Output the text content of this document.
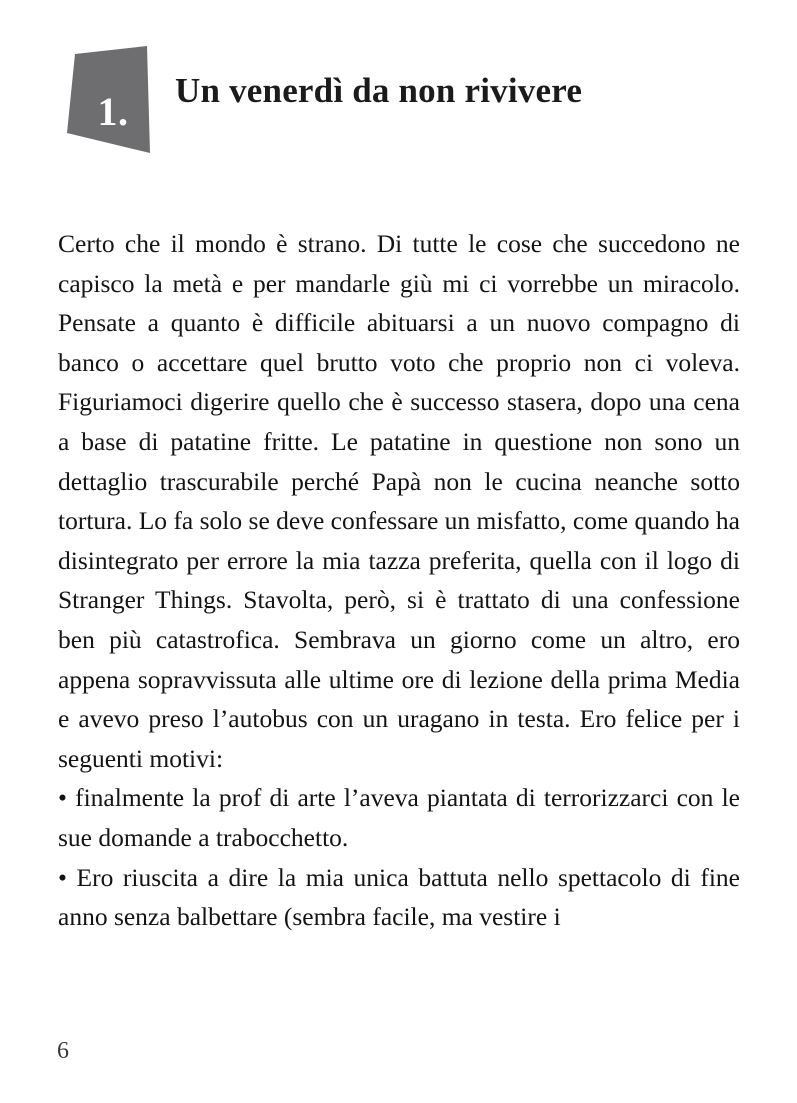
1.	Un venerdì da non rivivere

Certo che il mondo è strano. Di tutte le cose che succedono ne capisco la metà e per mandarle giù mi ci vorrebbe un miracolo. Pensate a quanto è difficile abituarsi a un nuovo compagno di banco o accettare quel brutto voto che proprio non ci voleva. Figuriamoci digerire quello che è successo stasera, dopo una cena a base di patatine fritte. Le patatine in questione non sono un dettaglio trascurabile perché Papà non le cucina neanche sotto tortura. Lo fa solo se deve confessare un misfatto, come quando ha disintegrato per errore la mia tazza preferita, quella con il logo di Stranger Things. Stavolta, però, si è trattato di una confessione ben più catastrofica. Sembrava un giorno come un altro, ero appena sopravvissuta alle ultime ore di lezione della prima Media e avevo preso l’autobus con un uragano in testa. Ero felice per i seguenti motivi:

• finalmente la prof di arte l’aveva piantata di terrorizzarci con le sue domande a trabocchetto.

• Ero riuscita a dire la mia unica battuta nello spettacolo di fine anno senza balbettare (sembra facile, ma vestire i

6
